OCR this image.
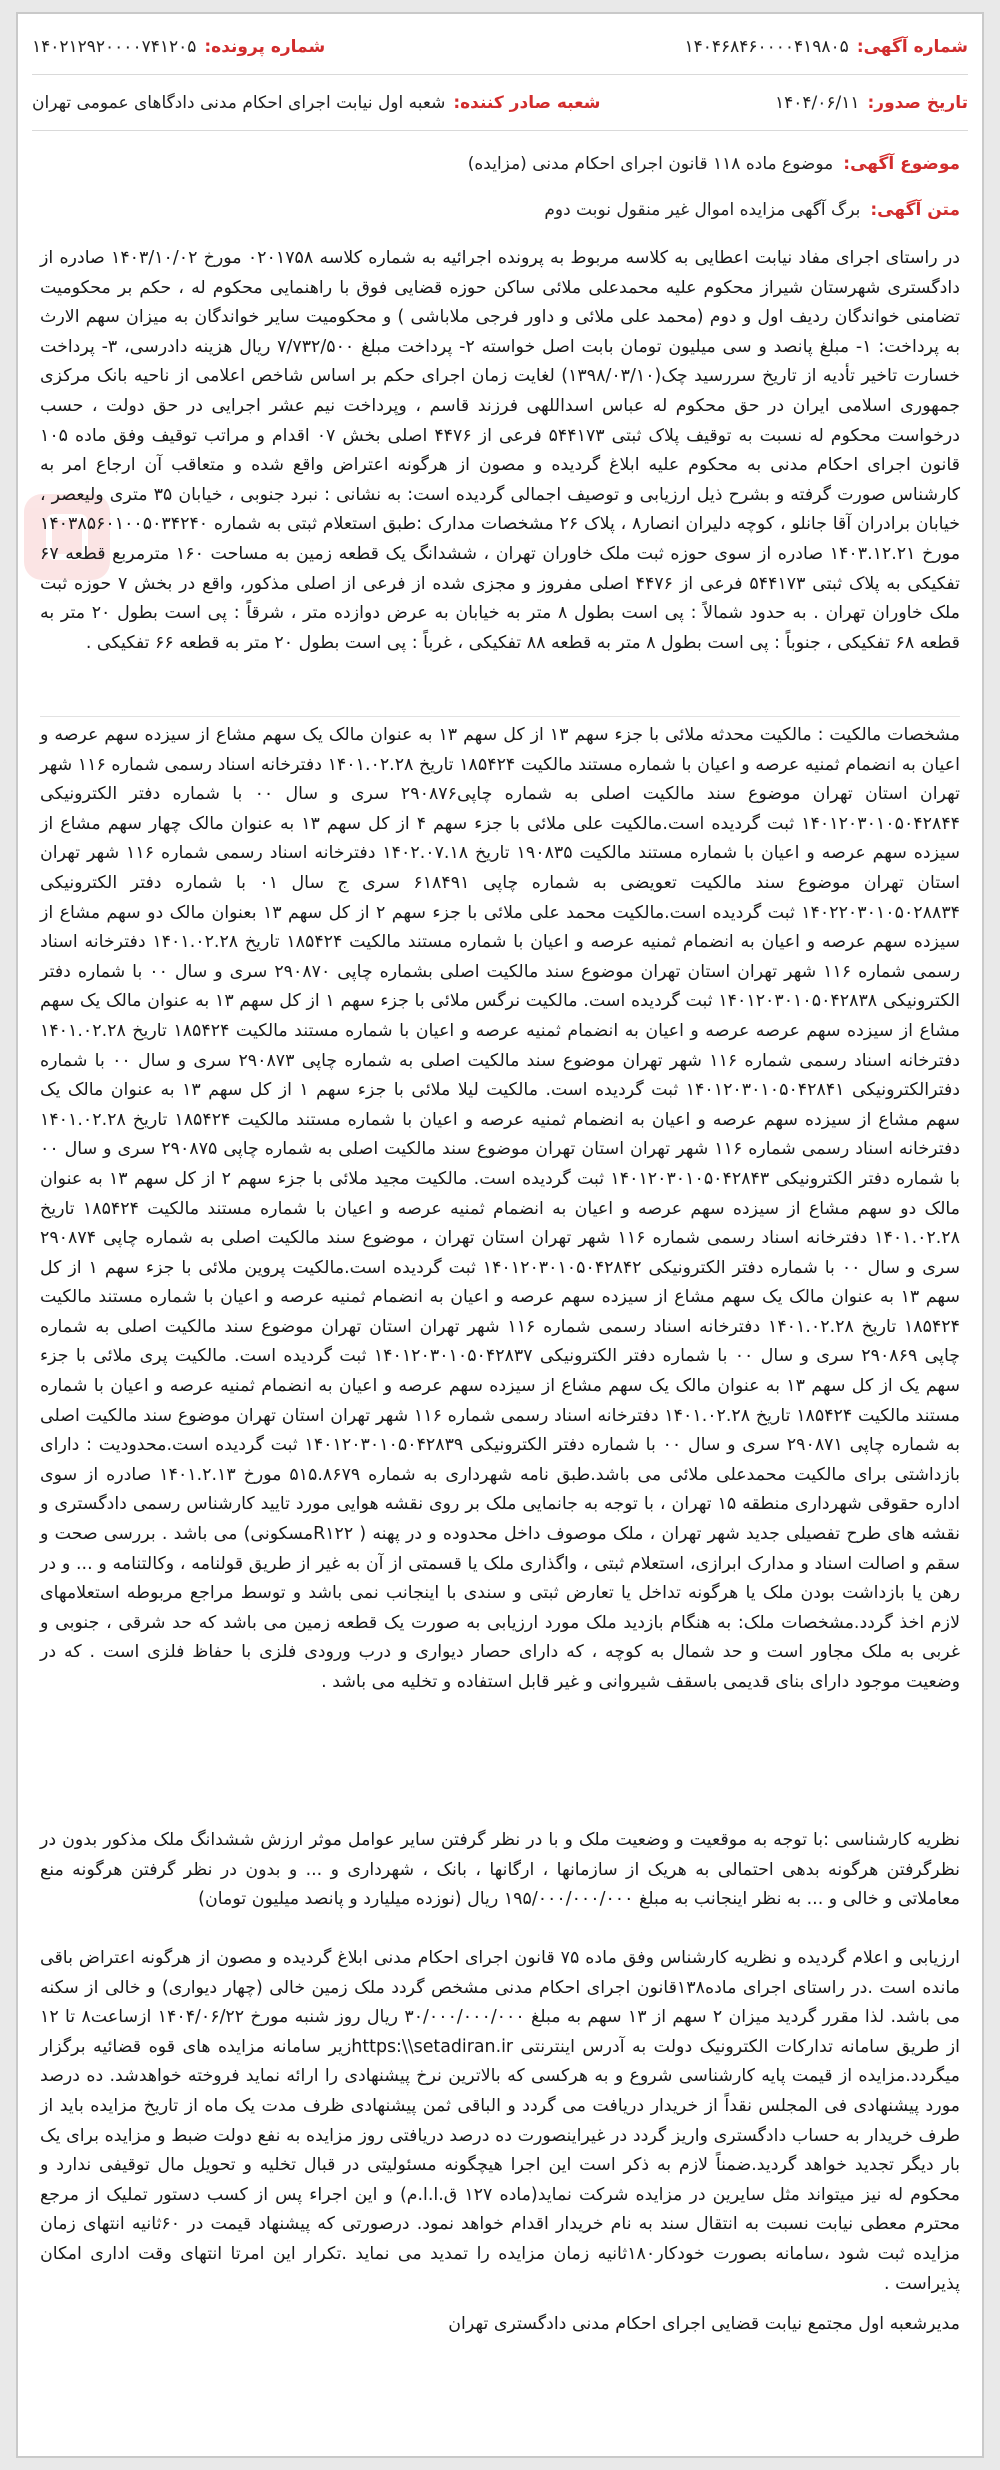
شماره آگهی:
۱۴۰۴۶۸۴۶۰۰۰۰۴۱۹۸۰۵
شماره پرونده:
۱۴۰۲۱۲۹۲۰۰۰۰۷۴۱۲۰۵
تاریخ صدور:
۱۴۰۴/۰۶/۱۱
شعبه صادر کننده:
شعبه اول نیابت اجرای احکام مدنی دادگاهای عمومی تهران
موضوع آگهی:
موضوع ماده ۱۱۸ قانون اجرای احکام مدنی (مزایده)
متن آگهی:
برگ آگهی مزایده اموال غیر منقول نوبت دوم
در راستای اجرای مفاد نیابت اعطایی به کلاسه مربوط به پرونده اجرائیه به شماره کلاسه ۰۲۰۱۷۵۸ مورخ ۱۴۰۳/۱۰/۰۲ صادره از دادگستری شهرستان شیراز محکوم علیه محمدعلی ملائی ساکن حوزه قضایی فوق با راهنمایی محکوم له ، حکم بر محکومیت تضامنی خواندگان ردیف اول و دوم (محمد علی ملائی و داور فرجی ملاباشی ) و محکومیت سایر خواندگان به میزان سهم الارث به پرداخت: ۱- مبلغ پانصد و سی میلیون تومان بابت اصل خواسته ۲- پرداخت مبلغ ۷/۷۳۲/۵۰۰ ریال هزینه دادرسی، ۳- پرداخت خسارت تاخیر تأدیه از تاریخ سررسید چک(۱۳۹۸/۰۳/۱۰) لغایت زمان اجرای حکم بر اساس شاخص اعلامی از ناحیه بانک مرکزی جمهوری اسلامی ایران در حق محکوم له عباس اسداللهی فرزند قاسم ، وپرداخت نیم عشر اجرایی در حق دولت ، حسب درخواست محکوم له نسبت به توقیف پلاک ثبتی ۵۴۴۱۷۳ فرعی از ۴۴۷۶ اصلی بخش ۰۷ اقدام و مراتب توقیف وفق ماده ۱۰۵ قانون اجرای احکام مدنی به محکوم علیه ابلاغ گردیده و مصون از هرگونه اعتراض واقع شده و متعاقب آن ارجاع امر به کارشناس صورت گرفته و بشرح ذیل ارزیابی و توصیف اجمالی گردیده است: به نشانی : نبرد جنوبی ، خیابان ۳۵ متری ولیعصر ، خیابان برادران آقا جانلو ، کوچه دلیران انصار۸ ، پلاک ۲۶ مشخصات مدارک :طبق استعلام ثبتی به شماره ۱۴۰۳۸۵۶۰۱۰۰۵۰۳۴۲۴۰ مورخ ۱۴۰۳.۱۲.۲۱ صادره از سوی حوزه ثبت ملک خاوران تهران ، ششدانگ یک قطعه زمین به مساحت ۱۶۰ مترمربع قطعه ۶۷ تفکیکی به پلاک ثبتی ۵۴۴۱۷۳ فرعی از ۴۴۷۶ اصلی مفروز و مجزی شده از فرعی از اصلی مذکور، واقع در بخش ۷ حوزه ثبت ملک خاوران تهران . به حدود شمالاً : پی است بطول ۸ متر به خیابان به عرض دوازده متر ، شرقاً : پی است بطول ۲۰ متر به قطعه ۶۸ تفکیکی ، جنوباً : پی است بطول ۸ متر به قطعه ۸۸ تفکیکی ، غرباً : پی است بطول ۲۰ متر به قطعه ۶۶ تفکیکی .
مشخصات مالکیت : مالکیت محدثه ملائی با جزء سهم ۱۳ از کل سهم ۱۳ به عنوان مالک یک سهم مشاع از سیزده سهم عرصه و اعیان به انضمام ثمنیه عرصه و اعیان با شماره مستند مالکیت ۱۸۵۴۲۴ تاریخ ۱۴۰۱.۰۲.۲۸ دفترخانه اسناد رسمی شماره ۱۱۶ شهر تهران استان تهران موضوع سند مالکیت اصلی به شماره چاپی۲۹۰۸۷۶ سری و سال ۰۰ با شماره دفتر الکترونیکی ۱۴۰۱۲۰۳۰۱۰۵۰۴۲۸۴۴ ثبت گردیده است.مالکیت علی ملائی با جزء سهم ۴ از کل سهم ۱۳ به عنوان مالک چهار سهم مشاع از سیزده سهم عرصه و اعیان با شماره مستند مالکیت ۱۹۰۸۳۵ تاریخ ۱۴۰۲.۰۷.۱۸ دفترخانه اسناد رسمی شماره ۱۱۶ شهر تهران استان تهران موضوع سند مالکیت تعویضی به شماره چاپی ۶۱۸۴۹۱ سری ج سال ۰۱ با شماره دفتر الکترونیکی ۱۴۰۲۲۰۳۰۱۰۵۰۲۸۸۳۴ ثبت گردیده است.مالکیت محمد علی ملائی با جزء سهم ۲ از کل سهم ۱۳ بعنوان مالک دو سهم مشاع از سیزده سهم عرصه و اعیان به انضمام ثمنیه عرصه و اعیان با شماره مستند مالکیت ۱۸۵۴۲۴ تاریخ ۱۴۰۱.۰۲.۲۸ دفترخانه اسناد رسمی شماره ۱۱۶ شهر تهران استان تهران موضوع سند مالکیت اصلی بشماره چاپی ۲۹۰۸۷۰ سری و سال ۰۰ با شماره دفتر الکترونیکی ۱۴۰۱۲۰۳۰۱۰۵۰۴۲۸۳۸ ثبت گردیده است. مالکیت نرگس ملائی با جزء سهم ۱ از کل سهم ۱۳ به عنوان مالک یک سهم مشاع از سیزده سهم عرصه عرصه و اعیان به انضمام ثمنیه عرصه و اعیان با شماره مستند مالکیت ۱۸۵۴۲۴ تاریخ ۱۴۰۱.۰۲.۲۸ دفترخانه اسناد رسمی شماره ۱۱۶ شهر تهران موضوع سند مالکیت اصلی به شماره چاپی ۲۹۰۸۷۳ سری و سال ۰۰ با شماره دفترالکترونیکی ۱۴۰۱۲۰۳۰۱۰۵۰۴۲۸۴۱ ثبت گردیده است. مالکیت لیلا ملائی با جزء سهم ۱ از کل سهم ۱۳ به عنوان مالک یک سهم مشاع از سیزده سهم عرصه و اعیان به انضمام ثمنیه عرصه و اعیان با شماره مستند مالکیت ۱۸۵۴۲۴ تاریخ ۱۴۰۱.۰۲.۲۸ دفترخانه اسناد رسمی شماره ۱۱۶ شهر تهران استان تهران موضوع سند مالکیت اصلی به شماره چاپی ۲۹۰۸۷۵ سری و سال ۰۰ با شماره دفتر الکترونیکی ۱۴۰۱۲۰۳۰۱۰۵۰۴۲۸۴۳ ثبت گردیده است. مالکیت مجید ملائی با جزء سهم ۲ از کل سهم ۱۳ به عنوان مالک دو سهم مشاع از سیزده سهم عرصه و اعیان به انضمام ثمنیه عرصه و اعیان با شماره مستند مالکیت ۱۸۵۴۲۴ تاریخ ۱۴۰۱.۰۲.۲۸ دفترخانه اسناد رسمی شماره ۱۱۶ شهر تهران استان تهران ، موضوع سند مالکیت اصلی به شماره چاپی ۲۹۰۸۷۴ سری و سال ۰۰ با شماره دفتر الکترونیکی ۱۴۰۱۲۰۳۰۱۰۵۰۴۲۸۴۲ ثبت گردیده است.مالکیت پروین ملائی با جزء سهم ۱ از کل سهم ۱۳ به عنوان مالک یک سهم مشاع از سیزده سهم عرصه و اعیان به انضمام ثمنیه عرصه و اعیان با شماره مستند مالکیت ۱۸۵۴۲۴ تاریخ ۱۴۰۱.۰۲.۲۸ دفترخانه اسناد رسمی شماره ۱۱۶ شهر تهران استان تهران موضوع سند مالکیت اصلی به شماره چاپی ۲۹۰۸۶۹ سری و سال ۰۰ با شماره دفتر الکترونیکی ۱۴۰۱۲۰۳۰۱۰۵۰۴۲۸۳۷ ثبت گردیده است. مالکیت پری ملائی با جزء سهم یک از کل سهم ۱۳ به عنوان مالک یک سهم مشاع از سیزده سهم عرصه و اعیان به انضمام ثمنیه عرصه و اعیان با شماره مستند مالکیت ۱۸۵۴۲۴ تاریخ ۱۴۰۱.۰۲.۲۸ دفترخانه اسناد رسمی شماره ۱۱۶ شهر تهران استان تهران موضوع سند مالکیت اصلی به شماره چاپی ۲۹۰۸۷۱ سری و سال ۰۰ با شماره دفتر الکترونیکی ۱۴۰۱۲۰۳۰۱۰۵۰۴۲۸۳۹ ثبت گردیده است.محدودیت : دارای بازداشتی برای مالکیت محمدعلی ملائی می باشد.طبق نامه شهرداری به شماره ۵۱۵.۸۶۷۹ مورخ ۱۴۰۱.۲.۱۳ صادره از سوی اداره حقوقی شهرداری منطقه ۱۵ تهران ، با توجه به جانمایی ملک بر روی نقشه هوایی مورد تایید کارشناس رسمی دادگستری و نقشه های طرح تفصیلی جدید شهر تهران ، ملک موصوف داخل محدوده و در پهنه ( R۱۲۲مسکونی) می باشد . بررسی صحت و سقم و اصالت اسناد و مدارک ابرازی، استعلام ثبتی ، واگذاری ملک یا قسمتی از آن به غیر از طریق قولنامه ، وکالتنامه و ... و در رهن یا بازداشت بودن ملک یا هرگونه تداخل یا تعارض ثبتی و سندی با اینجانب نمی باشد و توسط مراجع مربوطه استعلامهای لازم اخذ گردد.مشخصات ملک: به هنگام بازدید ملک مورد ارزیابی به صورت یک قطعه زمین می باشد که حد شرقی ، جنوبی و غربی به ملک مجاور است و حد شمال به کوچه ، که دارای حصار دیواری و درب ورودی فلزی با حفاظ فلزی است . که در وضعیت موجود دارای بنای قدیمی باسقف شیروانی و غیر قابل استفاده و تخلیه می باشد .
نظریه کارشناسی :با توجه به موقعیت و وضعیت ملک و با در نظر گرفتن سایر عوامل موثر ارزش ششدانگ ملک مذکور بدون در نظرگرفتن هرگونه بدهی احتمالی به هریک از سازمانها ، ارگانها ، بانک ، شهرداری و ... و بدون در نظر گرفتن هرگونه منع معاملاتی و خالی و ... به نظر اینجانب به مبلغ ۱۹۵/۰۰۰/۰۰۰/۰۰۰ ریال (نوزده میلیارد و پانصد میلیون تومان)
ارزیابی و اعلام گردیده و نظریه کارشناس وفق ماده ۷۵ قانون اجرای احکام مدنی ابلاغ گردیده و مصون از هرگونه اعتراض باقی مانده است .در راستای اجرای ماده۱۳۸قانون اجرای احکام مدنی مشخص گردد ملک زمین خالی (چهار دیواری) و خالی از سکنه می باشد. لذا مقرر گردید میزان ۲ سهم از ۱۳ سهم به مبلغ ۳۰/۰۰۰/۰۰۰/۰۰۰ ریال روز شنبه مورخ ۱۴۰۴/۰۶/۲۲ ازساعت۸ تا ۱۲ از طریق سامانه تدارکات الکترونیک دولت به آدرس اینترنتی https:\\setadiran.irزیر سامانه مزایده های قوه قضائیه برگزار میگردد.مزایده از قیمت پایه کارشناسی شروع و به هرکسی که بالاترین نرخ پیشنهادی را ارائه نماید فروخته خواهدشد. ده درصد مورد پیشنهادی فی المجلس نقداً از خریدار دریافت می گردد و الباقی ثمن پیشنهادی ظرف مدت یک ماه از تاریخ مزایده باید از طرف خریدار به حساب دادگستری واریز گردد در غیراینصورت ده درصد دریافتی روز مزایده به نفع دولت ضبط و مزایده برای یک بار دیگر تجدید خواهد گردید.ضمناً لازم به ذکر است این اجرا هیچگونه مسئولیتی در قبال تخلیه و تحویل مال توقیفی ندارد و محکوم له نیز میتواند مثل سایرین در مزایده شرکت نماید(ماده ۱۲۷ ق.ا.ا.م) و این اجراء پس از کسب دستور تملیک از مرجع محترم معطی نیابت نسبت به انتقال سند به نام خریدار اقدام خواهد نمود. درصورتی که پیشنهاد قیمت در ۶۰ثانیه انتهای زمان مزایده ثبت شود ،سامانه بصورت خودکار۱۸۰ثانیه زمان مزایده را تمدید می نماید .تکرار این امرتا انتهای وقت اداری امکان پذیراست .
مدیرشعبه اول مجتمع نیابت قضایی اجرای احکام مدنی دادگستری تهران
